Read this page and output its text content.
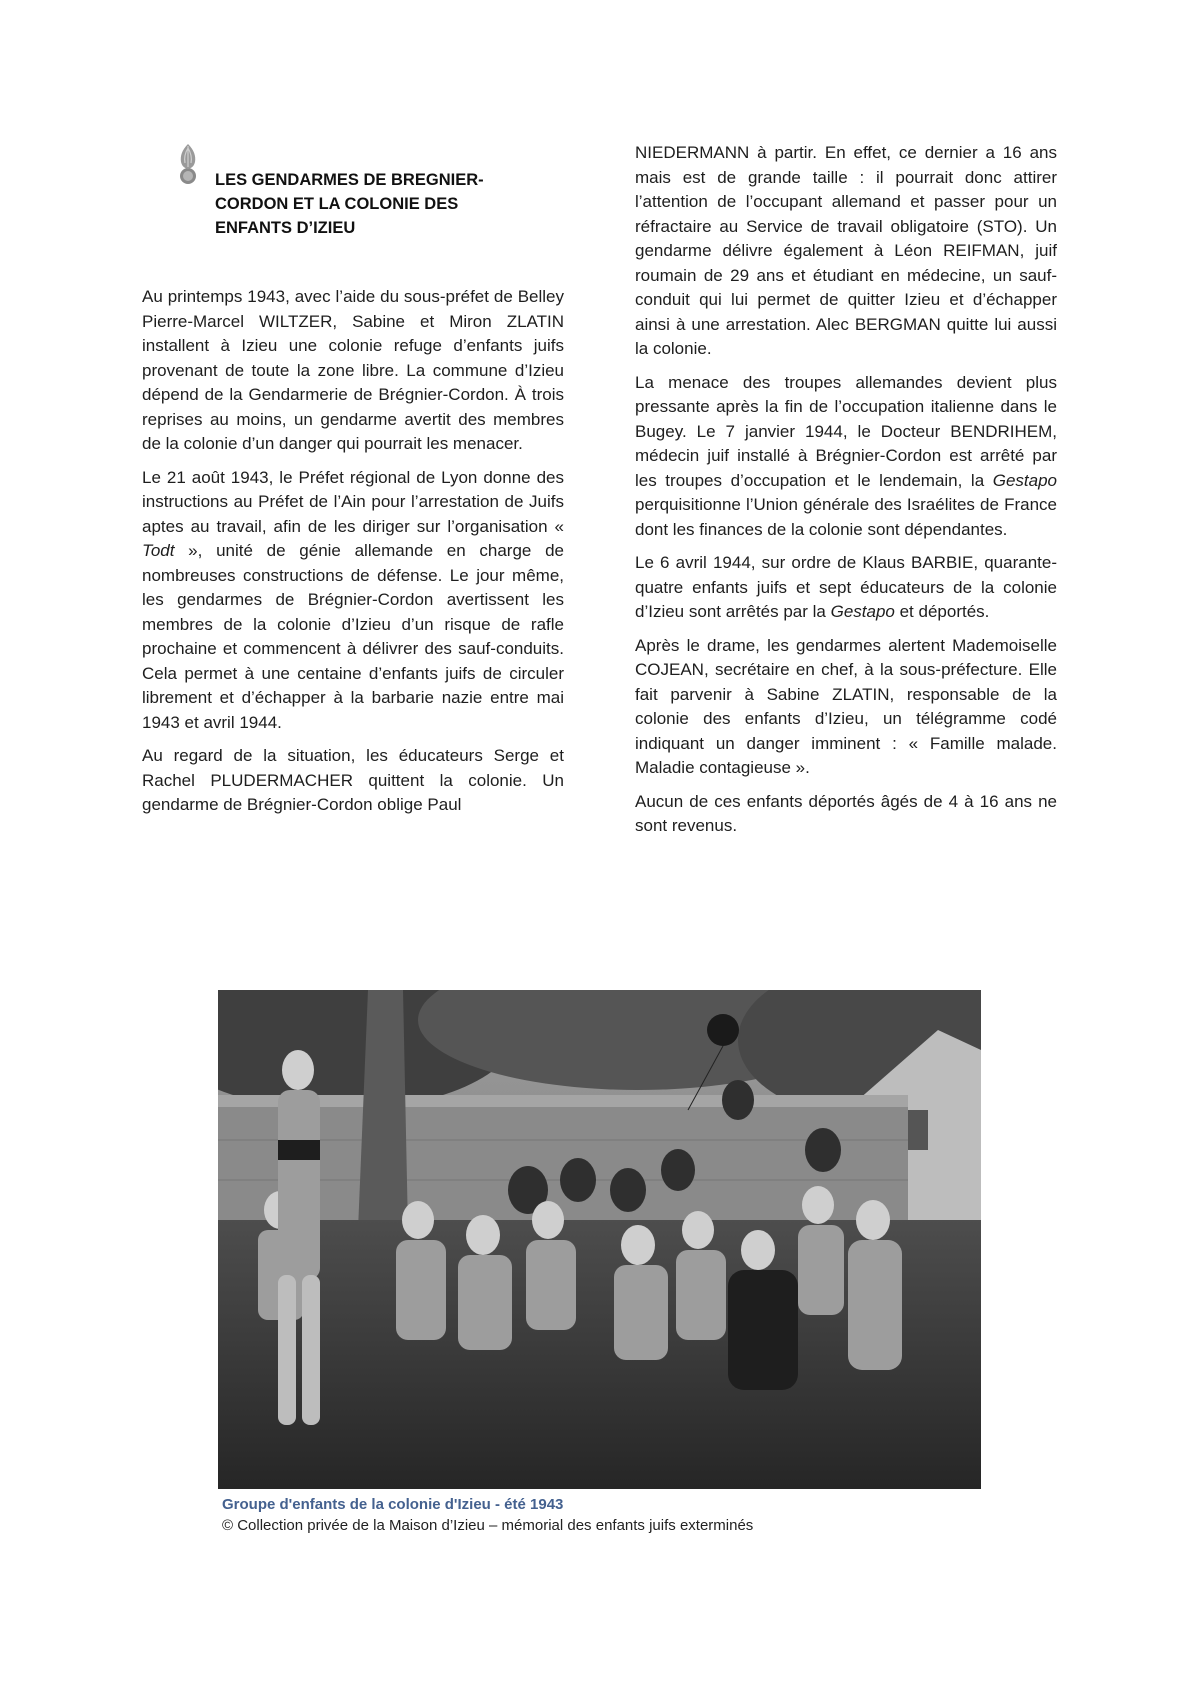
LES GENDARMES DE BREGNIER-
CORDON ET LA COLONIE DES
ENFANTS D’IZIEU

Au printemps 1943, avec l’aide du sous-préfet de Belley Pierre-Marcel WILTZER, Sabine et Miron ZLATIN installent à Izieu une colonie refuge d’enfants juifs provenant de toute la zone libre. La commune d’Izieu dépend de la Gendarmerie de Brégnier-Cordon. À trois reprises au moins, un gendarme avertit des membres de la colonie d’un danger qui pourrait les menacer.

Le 21 août 1943, le Préfet régional de Lyon donne des instructions au Préfet de l’Ain pour l’arrestation de Juifs aptes au travail, afin de les diriger sur l’organisation « Todt », unité de génie allemande en charge de nombreuses constructions de défense. Le jour même, les gendarmes de Brégnier-Cordon avertissent les membres de la colonie d’Izieu d’un risque de rafle prochaine et commencent à délivrer des sauf-conduits. Cela permet à une centaine d’enfants juifs de circuler librement et d’échapper à la barbarie nazie entre mai 1943 et avril 1944.

Au regard de la situation, les éducateurs Serge et Rachel PLUDERMACHER quittent la colonie. Un gendarme de Brégnier-Cordon oblige Paul

NIEDERMANN à partir. En effet, ce dernier a 16 ans mais est de grande taille : il pourrait donc attirer l’attention de l’occupant allemand et passer pour un réfractaire au Service de travail obligatoire (STO). Un gendarme délivre également à Léon REIFMAN, juif roumain de 29 ans et étudiant en médecine, un sauf-conduit qui lui permet de quitter Izieu et d’échapper ainsi à une arrestation. Alec BERGMAN quitte lui aussi la colonie.

La menace des troupes allemandes devient plus pressante après la fin de l’occupation italienne dans le Bugey. Le 7 janvier 1944, le Docteur BENDRIHEM, médecin juif installé à Brégnier-Cordon est arrêté par les troupes d’occupation et le lendemain, la Gestapo perquisitionne l’Union générale des Israélites de France dont les finances de la colonie sont dépendantes.

Le 6 avril 1944, sur ordre de Klaus BARBIE, quarante-quatre enfants juifs et sept éducateurs de la colonie d’Izieu sont arrêtés par la Gestapo et déportés.

Après le drame, les gendarmes alertent Mademoiselle COJEAN, secrétaire en chef, à la sous-préfecture. Elle fait parvenir à Sabine ZLATIN, responsable de la colonie des enfants d’Izieu, un télégramme codé indiquant un danger imminent : « Famille malade. Maladie contagieuse ».

Aucun de ces enfants déportés âgés de 4 à 16 ans ne sont revenus.

Groupe d'enfants de la colonie d'Izieu - été 1943
© Collection privée de la Maison d’Izieu – mémorial des enfants juifs exterminés
